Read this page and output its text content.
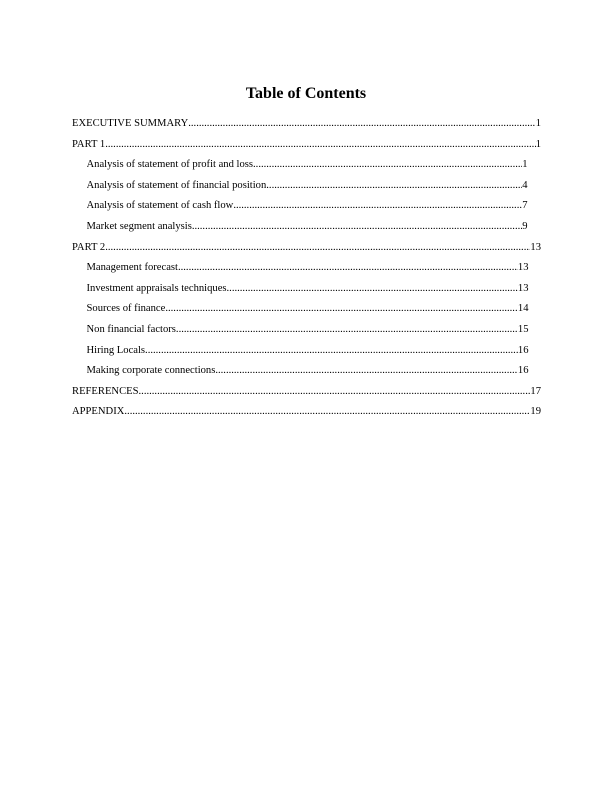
Table of Contents
EXECUTIVE SUMMARY .....	1
PART 1 .....	1
Analysis of statement of profit and loss .....	1
Analysis of statement of financial position .....	4
Analysis of statement of cash flow .....	7
Market segment analysis .....	9
PART 2 .....	13
Management forecast .....	13
Investment appraisals techniques .....	13
Sources of finance .....	14
Non financial factors .....	15
Hiring Locals .....	16
Making corporate connections .....	16
REFERENCES .....	17
APPENDIX .....	19
